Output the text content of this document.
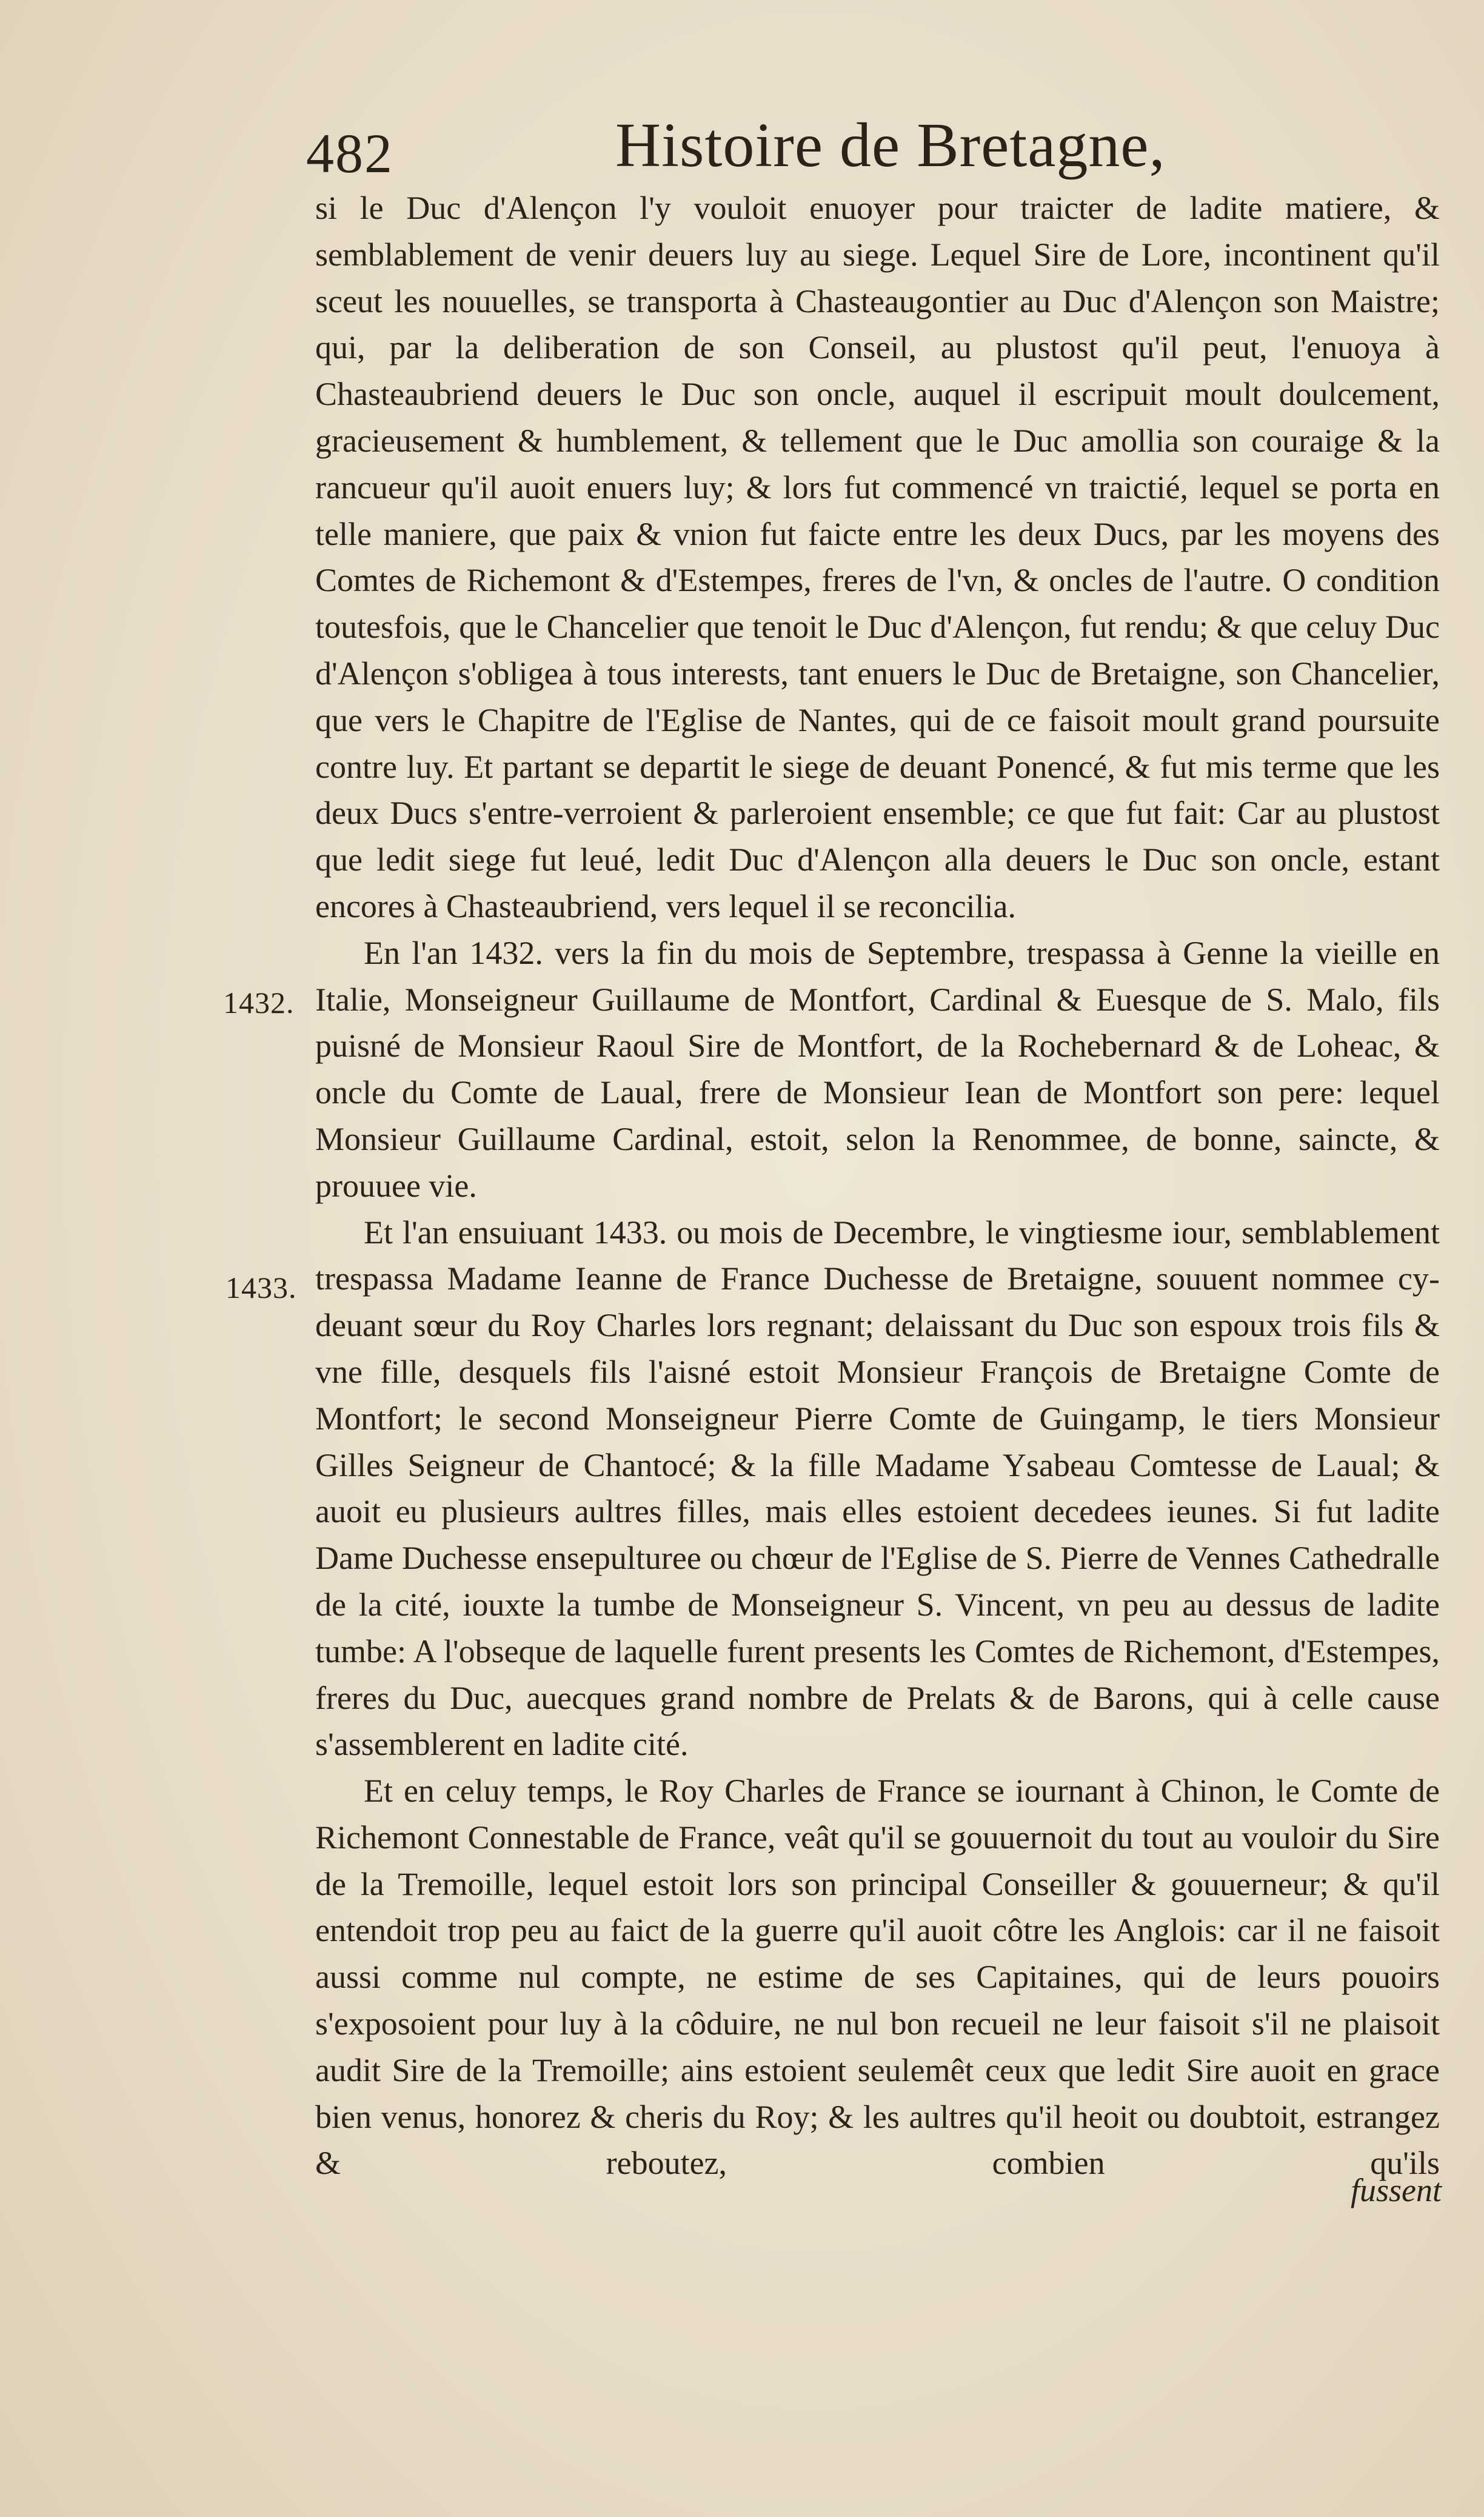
482	Histoire de Bretagne,
1432.
1433.

si le Duc d'Alençon l'y vouloit enuoyer pour traicter de ladite matiere, & semblablement de venir deuers luy au siege. Lequel Sire de Lore, incontinent qu'il sceut les nouuelles, se transporta à Chasteaugontier au Duc d'Alençon son Maistre; qui, par la deliberation de son Conseil, au plustost qu'il peut, l'enuoya à Chasteaubriend deuers le Duc son oncle, auquel il escripuit moult doulcement, gracieusement & humblement, & tellement que le Duc amollia son couraige & la rancueur qu'il auoit enuers luy; & lors fut commencé vn traictié, lequel se porta en telle maniere, que paix & vnion fut faicte entre les deux Ducs, par les moyens des Comtes de Richemont & d'Estempes, freres de l'vn, & oncles de l'autre. O condition toutesfois, que le Chancelier que tenoit le Duc d'Alençon, fut rendu; & que celuy Duc d'Alençon s'obligea à tous interests, tant enuers le Duc de Bretaigne, son Chancelier, que vers le Chapitre de l'Eglise de Nantes, qui de ce faisoit moult grand poursuite contre luy. Et partant se departit le siege de deuant Ponencé, & fut mis terme que les deux Ducs s'entre-verroient & parleroient ensemble; ce que fut fait: Car au plustost que ledit siege fut leué, ledit Duc d'Alençon alla deuers le Duc son oncle, estant encores à Chasteaubriend, vers lequel il se reconcilia.

En l'an 1432. vers la fin du mois de Septembre, trespassa à Genne la vieille en Italie, Monseigneur Guillaume de Montfort, Cardinal & Euesque de S. Malo, fils puisné de Monsieur Raoul Sire de Montfort, de la Rochebernard & de Loheac, & oncle du Comte de Laual, frere de Monsieur Iean de Montfort son pere: lequel Monsieur Guillaume Cardinal, estoit, selon la Renommee, de bonne, saincte, & prouuee vie.

Et l'an ensuiuant 1433. ou mois de Decembre, le vingtiesme iour, semblablement trespassa Madame Ieanne de France Duchesse de Bretaigne, souuent nommee cy-deuant sœur du Roy Charles lors regnant; delaissant du Duc son espoux trois fils & vne fille, desquels fils l'aisné estoit Monsieur François de Bretaigne Comte de Montfort; le second Monseigneur Pierre Comte de Guingamp, le tiers Monsieur Gilles Seigneur de Chantocé; & la fille Madame Ysabeau Comtesse de Laual; & auoit eu plusieurs aultres filles, mais elles estoient decedees ieunes. Si fut ladite Dame Duchesse ensepulturee ou chœur de l'Eglise de S. Pierre de Vennes Cathedralle de la cité, iouxte la tumbe de Monseigneur S. Vincent, vn peu au dessus de ladite tumbe: A l'obseque de laquelle furent presents les Comtes de Richemont, d'Estempes, freres du Duc, auecques grand nombre de Prelats & de Barons, qui à celle cause s'assemblerent en ladite cité.

Et en celuy temps, le Roy Charles de France se iournant à Chinon, le Comte de Richemont Connestable de France, veât qu'il se gouuernoit du tout au vouloir du Sire de la Tremoille, lequel estoit lors son principal Conseiller & gouuerneur; & qu'il entendoit trop peu au faict de la guerre qu'il auoit côtre les Anglois: car il ne faisoit aussi comme nul compte, ne estime de ses Capitaines, qui de leurs pouoirs s'exposoient pour luy à la côduire, ne nul bon recueil ne leur faisoit s'il ne plaisoit audit Sire de la Tremoille; ains estoient seulemêt ceux que ledit Sire auoit en grace bien venus, honorez & cheris du Roy; & les aultres qu'il heoit ou doubtoit, estrangez & reboutez, combien qu'ils

fussent
